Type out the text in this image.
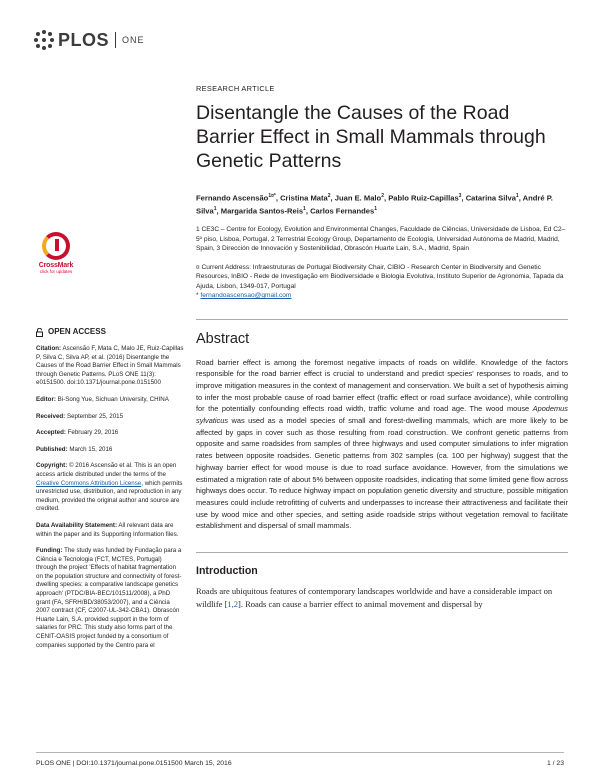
PLOS ONE
CrossMark
click for updates
OPEN ACCESS

Citation: Ascensão F, Mata C, Malo JE, Ruiz-Capillas P, Silva C, Silva AP, et al. (2016) Disentangle the Causes of the Road Barrier Effect in Small Mammals through Genetic Patterns. PLoS ONE 11(3): e0151500. doi:10.1371/journal.pone.0151500

Editor: Bi-Song Yue, Sichuan University, CHINA

Received: September 25, 2015

Accepted: February 29, 2016

Published: March 15, 2016

Copyright: © 2016 Ascensão et al. This is an open access article distributed under the terms of the Creative Commons Attribution License, which permits unrestricted use, distribution, and reproduction in any medium, provided the original author and source are credited.

Data Availability Statement: All relevant data are within the paper and its Supporting Information files.

Funding: The study was funded by Fundação para a Ciência e Tecnologia (FCT, MCTES, Portugal) through the project 'Effects of habitat fragmentation on the population structure and connectivity of forest-dwelling species: a comparative landscape genetics approach' (PTDC/BIA-BEC/101511/2008), a PhD grant (FA, SFRH/BD/38053/2007), and a Ciência 2007 contract (CF, C2007-UL-342-CBA1). Obrascón Huarte Lain, S.A. provided support in the form of salaries for PRC. This study also forms part of the CENIT-OASIS project funded by a consortium of companies supported by the Centro para el

RESEARCH ARTICLE
Disentangle the Causes of the Road Barrier Effect in Small Mammals through Genetic Patterns
Fernando Ascensão$^{1¤*}$, Cristina Mata$^2$, Juan E. Malo$^2$, Pablo Ruiz-Capillas$^3$, Catarina Silva$^1$, André P. Silva$^1$, Margarida Santos-Reis$^1$, Carlos Fernandes$^1$
1 CE3C – Centre for Ecology, Evolution and Environmental Changes, Faculdade de Ciências, Universidade de Lisboa, Ed C2–5º piso, Lisboa, Portugal, 2 Terrestrial Ecology Group, Departamento de Ecología, Universidad Autónoma de Madrid, Madrid, Spain, 3 Dirección de Innovación y Sostenibilidad, Obrascón Huarte Lain, S.A., Madrid, Spain
¤ Current Address: Infraestruturas de Portugal Biodiversity Chair, CIBIO - Research Center in Biodiversity and Genetic Resources, InBIO - Rede de Investigação em Biodiversidade e Biologia Evolutiva, Instituto Superior de Agronomia, Tapada da Ajuda, Lisbon, 1349-017, Portugal
* fernandoascensao@gmail.com
Abstract
Road barrier effect is among the foremost negative impacts of roads on wildlife. Knowledge of the factors responsible for the road barrier effect is crucial to understand and predict species' responses to roads, and to improve mitigation measures in the context of management and conservation. We built a set of hypothesis aiming to infer the most probable cause of road barrier effect (traffic effect or road surface avoidance), while controlling for the potentially confounding effects road width, traffic volume and road age. The wood mouse Apodemus sylvaticus was used as a model species of small and forest-dwelling mammals, which are more likely to be affected by gaps in cover such as those resulting from road construction. We confront genetic patterns from opposite and same roadsides from samples of three highways and used computer simulations to infer migration rates between opposite roadsides. Genetic patterns from 302 samples (ca. 100 per highway) suggest that the highway barrier effect for wood mouse is due to road surface avoidance. However, from the simulations we estimated a migration rate of about 5% between opposite roadsides, indicating that some limited gene flow across highways does occur. To reduce highway impact on population genetic diversity and structure, possible mitigation measures could include retrofitting of culverts and underpasses to increase their attractiveness and facilitate their use by wood mice and other species, and setting aside roadside strips without vegetation removal to facilitate establishment and dispersal of small mammals.
Introduction
Roads are ubiquitous features of contemporary landscapes worldwide and have a considerable impact on wildlife [1,2]. Roads can cause a barrier effect to animal movement and dispersal by
PLOS ONE | DOI:10.1371/journal.pone.0151500 March 15, 2016	1 / 23
